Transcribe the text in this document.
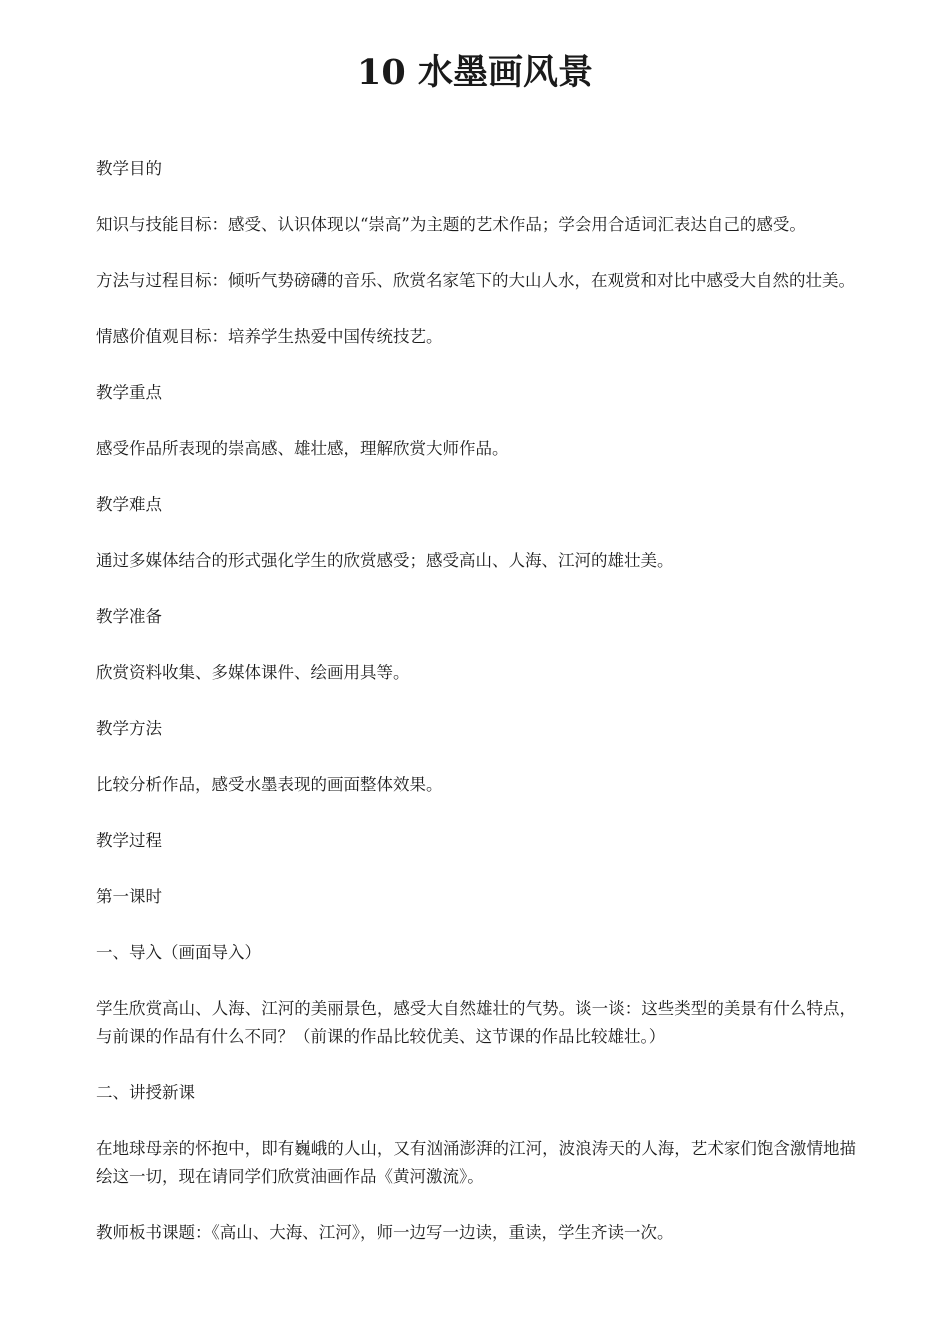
10 水墨画风景

教学目的

知识与技能目标：感受、认识体现以“崇高”为主题的艺术作品；学会用合适词汇表达自己的感受。

方法与过程目标：倾听气势磅礴的音乐、欣赏名家笔下的大山人水，在观赏和对比中感受大自然的壮美。

情感价值观目标：培养学生热爱中国传统技艺。

教学重点

感受作品所表现的崇高感、雄壮感，理解欣赏大师作品。

教学难点

通过多媒体结合的形式强化学生的欣赏感受；感受高山、人海、江河的雄壮美。

教学准备

欣赏资料收集、多媒体课件、绘画用具等。

教学方法

比较分析作品，感受水墨表现的画面整体效果。

教学过程

第一课时

一、导入（画面导入）

学生欣赏高山、人海、江河的美丽景色，感受大自然雄壮的气势。谈一谈：这些类型的美景有什么特点，与前课的作品有什么不同？（前课的作品比较优美、这节课的作品比较雄壮。）

二、讲授新课

在地球母亲的怀抱中，即有巍峨的人山，又有汹涌澎湃的江河，波浪涛天的人海，艺术家们饱含激情地描绘这一切，现在请同学们欣赏油画作品《黄河激流》。

教师板书课题：《高山、大海、江河》，师一边写一边读，重读，学生齐读一次。
